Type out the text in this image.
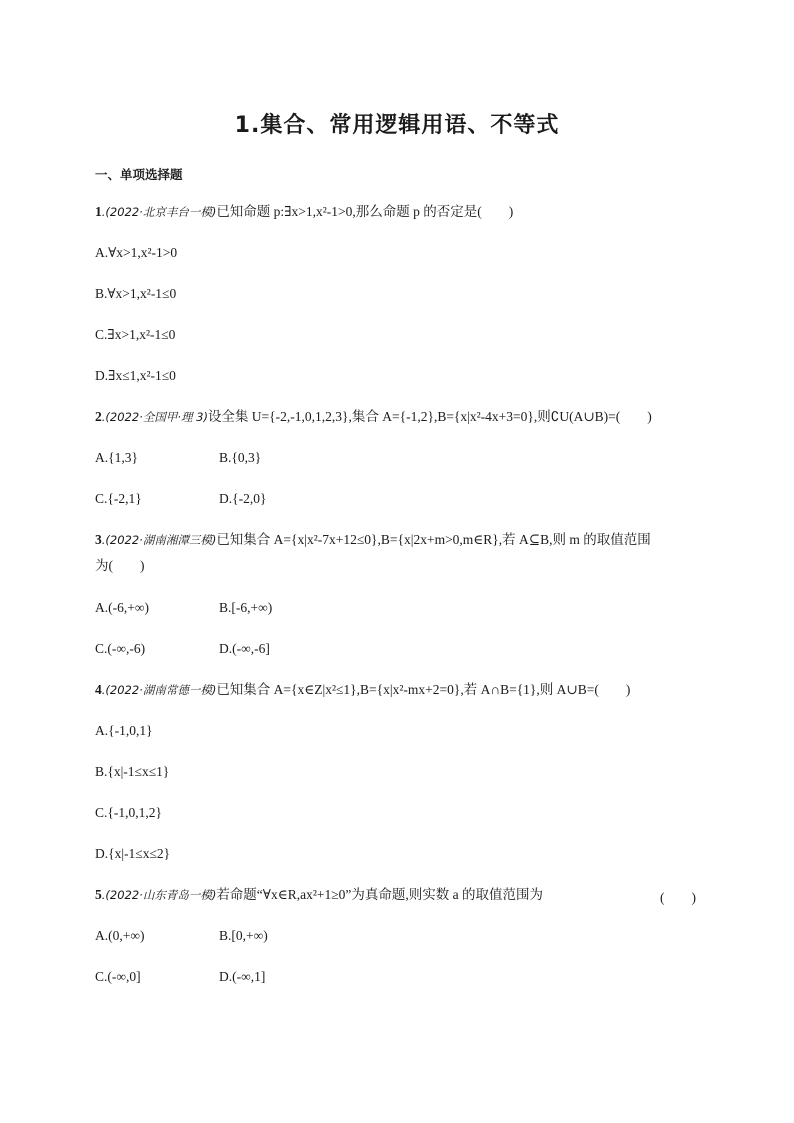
1.集合、常用逻辑用语、不等式
一、单项选择题
1.(2022·北京丰台一模)已知命题 p:∃x>1,x²-1>0,那么命题 p 的否定是(　　)
A.∀x>1,x²-1>0
B.∀x>1,x²-1≤0
C.∃x>1,x²-1≤0
D.∃x≤1,x²-1≤0
2.(2022·全国甲·理 3)设全集 U={-2,-1,0,1,2,3},集合 A={-1,2},B={x|x²-4x+3=0},则∁U(A∪B)=(　　)
A.{1,3}	B.{0,3}
C.{-2,1}	D.{-2,0}
3.(2022·湖南湘潭三模)已知集合 A={x|x²-7x+12≤0},B={x|2x+m>0,m∈R},若 A⊆B,则 m 的取值范围
为(　　)
A.(-6,+∞)	B.[-6,+∞)
C.(-∞,-6)	D.(-∞,-6]
4.(2022·湖南常德一模)已知集合 A={x∈Z|x²≤1},B={x|x²-mx+2=0},若 A∩B={1},则 A∪B=(　　)
A.{-1,0,1}
B.{x|-1≤x≤1}
C.{-1,0,1,2}
D.{x|-1≤x≤2}
5.(2022·山东青岛一模)若命题“∀x∈R,ax²+1≥0”为真命题,则实数 a 的取值范围为	(　　)
A.(0,+∞)	B.[0,+∞)
C.(-∞,0]	D.(-∞,1]
